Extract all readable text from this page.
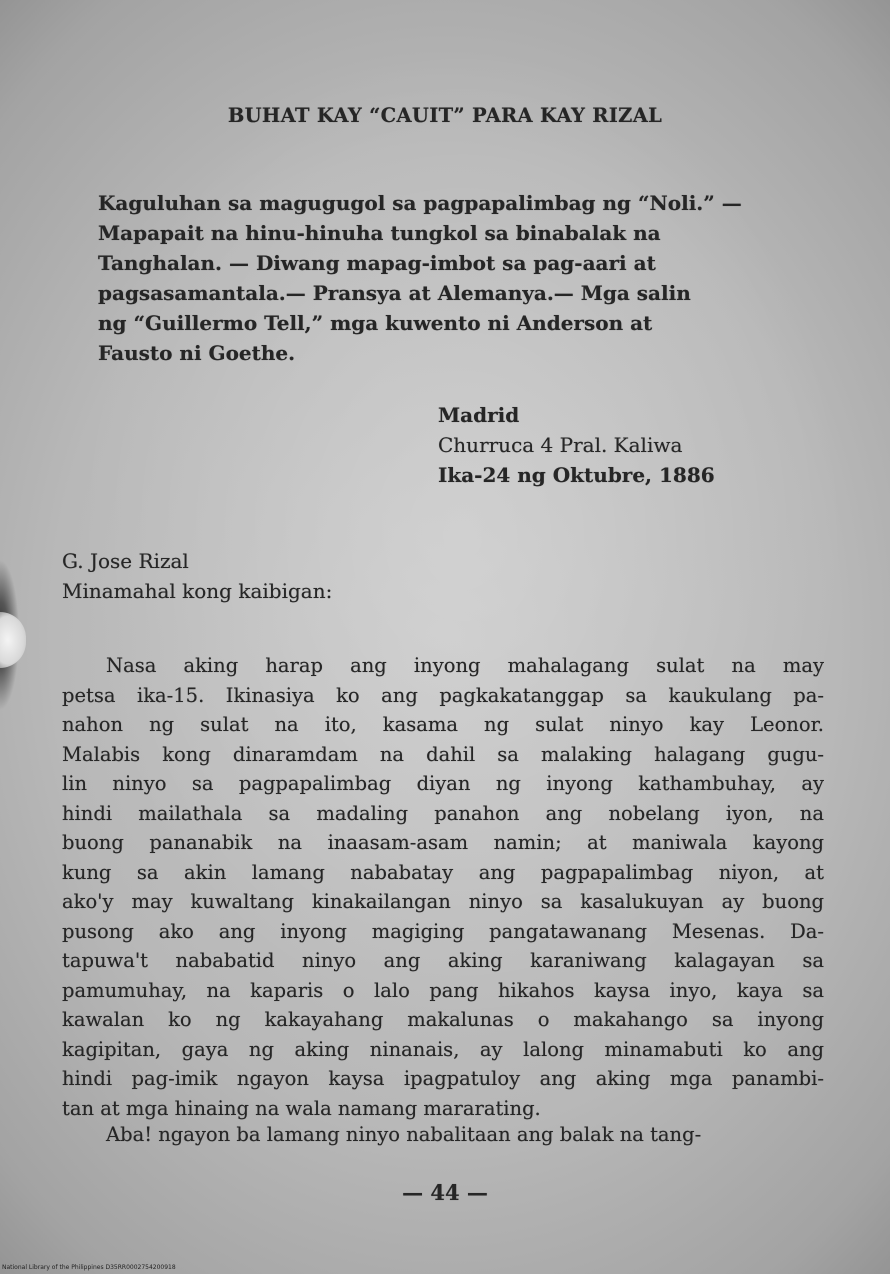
BUHAT KAY “CAUIT” PARA KAY RIZAL
Kaguluhan sa magugugol sa pagpapalimbag ng “Noli.” —
Mapapait na hinu-hinuha tungkol sa binabalak na
Tanghalan. — Diwang mapag-imbot sa pag-aari at
pagsasamantala.— Pransya at Alemanya.— Mga salin
ng “Guillermo Tell,” mga kuwento ni Anderson at
Fausto ni Goethe.
Madrid
Churruca 4 Pral. Kaliwa
Ika-24 ng Oktubre, 1886
G. Jose Rizal
Minamahal kong kaibigan:
Nasa aking harap ang inyong mahalagang sulat na may
petsa ika-15. Ikinasiya ko ang pagkakatanggap sa kaukulang pa-
nahon ng sulat na ito, kasama ng sulat ninyo kay Leonor.
Malabis kong dinaramdam na dahil sa malaking halagang gugu-
lin ninyo sa pagpapalimbag diyan ng inyong kathambuhay, ay
hindi mailathala sa madaling panahon ang nobelang iyon, na
buong pananabik na inaasam-asam namin; at maniwala kayong
kung sa akin lamang nababatay ang pagpapalimbag niyon, at
ako'y may kuwaltang kinakailangan ninyo sa kasalukuyan ay buong
pusong ako ang inyong magiging pangatawanang Mesenas. Da-
tapuwa't nababatid ninyo ang aking karaniwang kalagayan sa
pamumuhay, na kaparis o lalo pang hikahos kaysa inyo, kaya sa
kawalan ko ng kakayahang makalunas o makahango sa inyong
kagipitan, gaya ng aking ninanais, ay lalong minamabuti ko ang
hindi pag-imik ngayon kaysa ipagpatuloy ang aking mga panambi-
tan at mga hinaing na wala namang mararating.
Aba! ngayon ba lamang ninyo nabalitaan ang balak na tang-
— 44 —
National Library of the Philippines D35RR0002754200918
